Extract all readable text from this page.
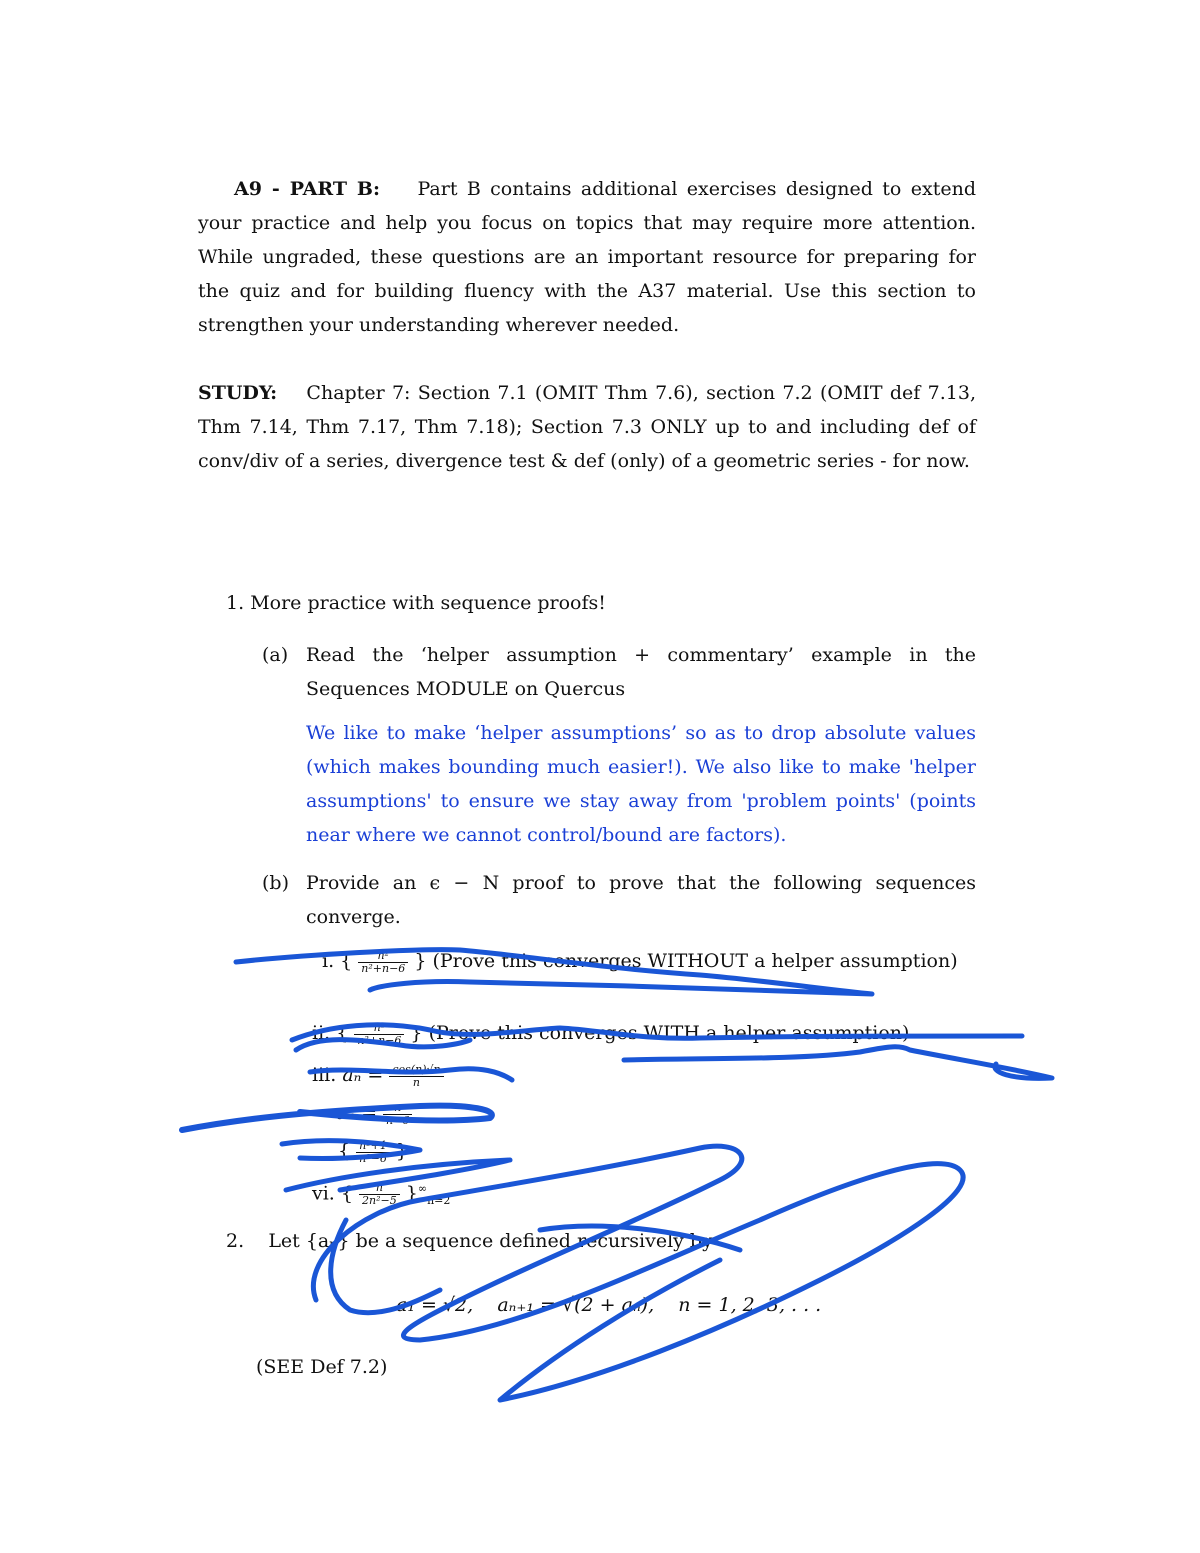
A9 - PART B: Part B contains additional exercises designed to extend your practice and help you focus on topics that may require more attention. While ungraded, these questions are an important resource for preparing for the quiz and for building fluency with the A37 material. Use this section to strengthen your understanding wherever needed.
STUDY: Chapter 7: Section 7.1 (OMIT Thm 7.6), section 7.2 (OMIT def 7.13, Thm 7.14, Thm 7.17, Thm 7.18); Section 7.3 ONLY up to and including def of conv/div of a series, divergence test & def (only) of a geometric series - for now.
1. More practice with sequence proofs!
(a) Read the ‘helper assumption + commentary’ example in the Sequences MODULE on Quercus
We like to make ‘helper assumptions’ so as to drop absolute values (which makes bounding much easier!). We also like to make 'helper assumptions' to ensure we stay away from 'problem points' (points near where we cannot control/bound are factors).
(b) Provide an ϵ − N proof to prove that the following sequences converge.
i. { $\frac{\text{n²}}{\text{n²+n−6}}$ } (Prove this converges WITHOUT a helper assumption)
ii. { $\frac{\text{n²}}{\text{n²+n−6}}$ } (Prove this converges WITH a helper assumption)
iii. $a_n = \frac{\cos(n)√n}{n}$
$a_n = \frac{n}{n-6}$
{ $\frac{\text{n²+1}}{\text{n²−6}}$ }
vi. { $\frac{n}{\text{2n²−5}} \}^\infty_{n=2}$
2. Let {aₙ} be a sequence defined recursively by
a₁ = √2,    aₙ₊₁ = √(2 + aₙ), n = 1, 2, 3, . . .
(SEE Def 7.2)
